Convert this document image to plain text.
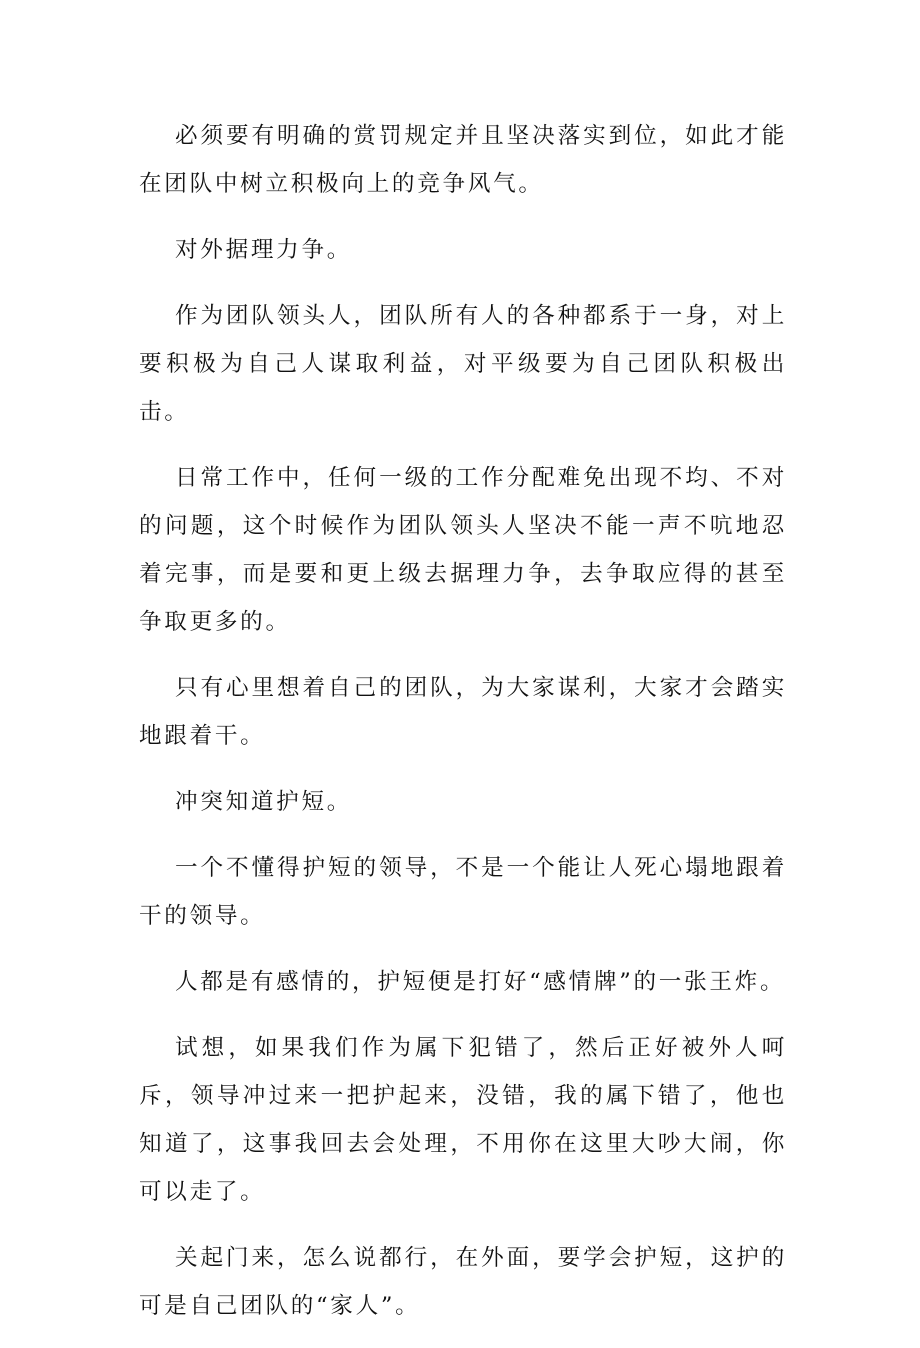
必须要有明确的赏罚规定并且坚决落实到位，如此才能在团队中树立积极向上的竞争风气。

对外据理力争。

作为团队领头人，团队所有人的各种都系于一身，对上要积极为自己人谋取利益，对平级要为自己团队积极出击。

日常工作中，任何一级的工作分配难免出现不均、不对的问题，这个时候作为团队领头人坚决不能一声不吭地忍着完事，而是要和更上级去据理力争，去争取应得的甚至争取更多的。

只有心里想着自己的团队，为大家谋利，大家才会踏实地跟着干。

冲突知道护短。

一个不懂得护短的领导，不是一个能让人死心塌地跟着干的领导。

人都是有感情的，护短便是打好“感情牌”的一张王炸。

试想，如果我们作为属下犯错了，然后正好被外人呵斥，领导冲过来一把护起来，没错，我的属下错了，他也知道了，这事我回去会处理，不用你在这里大吵大闹，你可以走了。

关起门来，怎么说都行，在外面，要学会护短，这护的可是自己团队的“家人”。
